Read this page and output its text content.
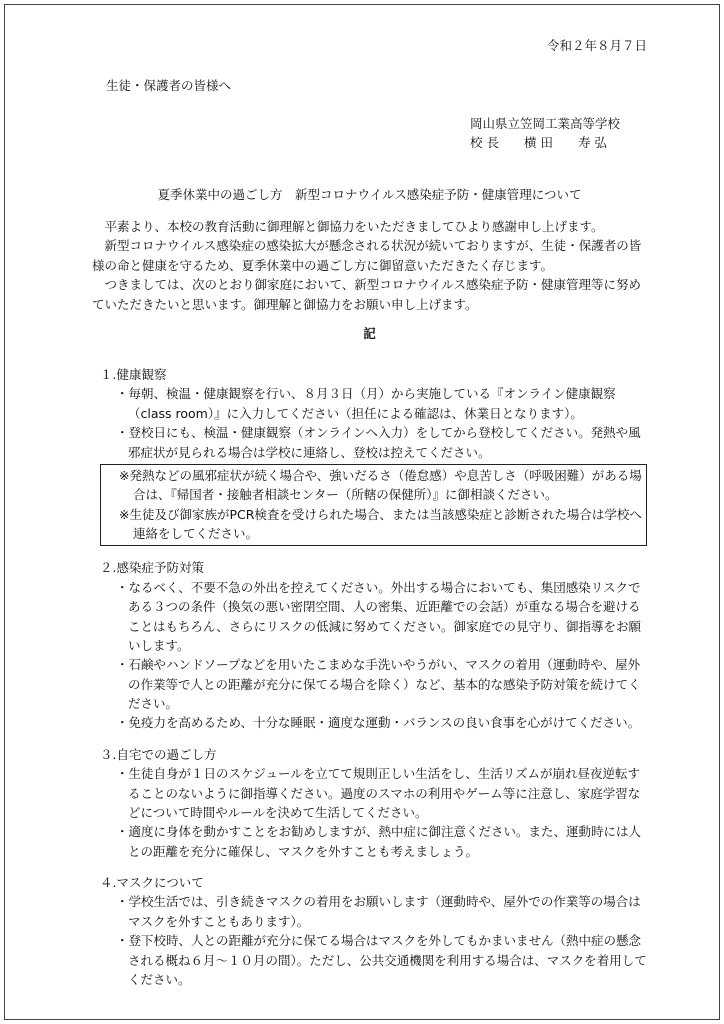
令和２年８月７日
生徒・保護者の皆様へ
岡山県立笠岡工業高等学校
校 長　　横 田　　寿 弘
夏季休業中の過ごし方　新型コロナウイルス感染症予防・健康管理について

平素より、本校の教育活動に御理解と御協力をいただきましてひより感謝申し上げます。

新型コロナウイルス感染症の感染拡大が懸念される状況が続いておりますが、生徒・保護者の皆様の命と健康を守るため、夏季休業中の過ごし方に御留意いただきたく存じます。

つきましては、次のとおり御家庭において、新型コロナウイルス感染症予防・健康管理等に努めていただきたいと思います。御理解と御協力をお願い申し上げます。

記
１.健康観察
・ 毎朝、検温・健康観察を行い、８月３日（月）から実施している『オンライン健康観察（class room）』に入力してください（担任による確認は、休業日となります）。
・ 登校日にも、検温・健康観察（オンラインへ入力）をしてから登校してください。発熱や風邪症状が見られる場合は学校に連絡し、登校は控えてください。

※発熱などの風邪症状が続く場合や、強いだるさ（倦怠感）や息苦しさ（呼吸困難）がある場合は、『帰国者・接触者相談センター（所轄の保健所）』に御相談ください。

※生徒及び御家族がPCR検査を受けられた場合、または当該感染症と診断された場合は学校へ連絡をしてください。

２.感染症予防対策
・ なるべく、不要不急の外出を控えてください。外出する場合においても、集団感染リスクである３つの条件（換気の悪い密閉空間、人の密集、近距離での会話）が重なる場合を避けることはもちろん、さらにリスクの低減に努めてください。御家庭での見守り、御指導をお願いします。
・ 石鹸やハンドソープなどを用いたこまめな手洗いやうがい、マスクの着用（運動時や、屋外の作業等で人との距離が充分に保てる場合を除く）など、基本的な感染予防対策を続けてください。
・ 免疫力を高めるため、十分な睡眠・適度な運動・バランスの良い食事を心がけてください。
３.自宅での過ごし方
・ 生徒自身が１日のスケジュールを立てて規則正しい生活をし、生活リズムが崩れ昼夜逆転することのないように御指導ください。過度のスマホの利用やゲーム等に注意し、家庭学習などについて時間やルールを決めて生活してください。
・ 適度に身体を動かすことをお勧めしますが、熱中症に御注意ください。また、運動時には人との距離を充分に確保し、マスクを外すことも考えましょう。
４.マスクについて
・ 学校生活では、引き続きマスクの着用をお願いします（運動時や、屋外での作業等の場合はマスクを外すこともあります）。
・ 登下校時、人との距離が充分に保てる場合はマスクを外してもかまいません（熱中症の懸念される概ね６月～１０月の間）。ただし、公共交通機関を利用する場合は、マスクを着用してください。
